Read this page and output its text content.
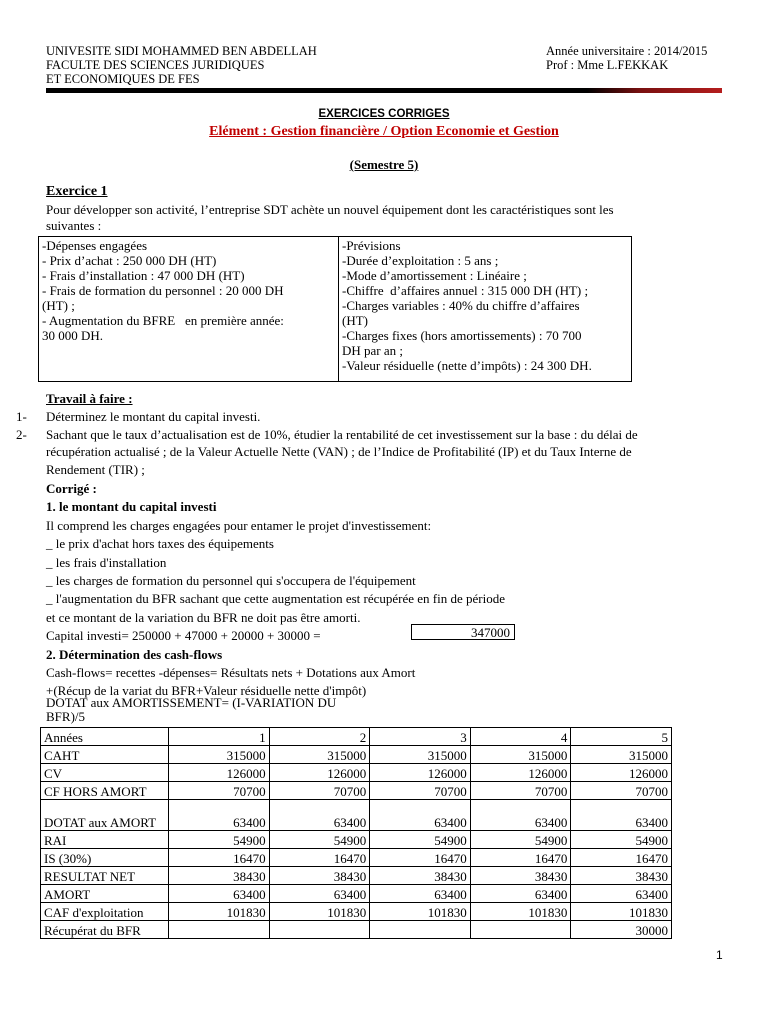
UNIVESITE SIDI MOHAMMED BEN ABDELLAH
FACULTE DES SCIENCES JURIDIQUES
ET ECONOMIQUES DE FES
Année universitaire : 2014/2015
Prof : Mme L.FEKKAK
EXERCICES CORRIGES
Elément : Gestion financière / Option Economie et Gestion
(Semestre 5)
Exercice 1
Pour développer son activité, l’entreprise SDT achète un nouvel équipement dont les caractéristiques sont les
suivantes :
-Dépenses engagées
- Prix d’achat : 250 000 DH (HT)
- Frais d’installation : 47 000 DH (HT)
- Frais de formation du personnel : 20 000 DH
(HT) ;
- Augmentation du BFRE   en première année:
30 000 DH.

-Prévisions
-Durée d’exploitation : 5 ans ;
-Mode d’amortissement : Linéaire ;
-Chiffre  d’affaires annuel : 315 000 DH (HT) ;
-Charges variables : 40% du chiffre d’affaires
(HT)
-Charges fixes (hors amortissements) : 70 700
DH par an ;
-Valeur résiduelle (nette d’impôts) : 24 300 DH.
Travail à faire :
1- Déterminez le montant du capital investi.
2- Sachant que le taux d’actualisation est de 10%, étudier la rentabilité de cet investissement sur la base : du délai de
récupération actualisé ; de la Valeur Actuelle Nette (VAN) ; de l’Indice de Profitabilité (IP) et du Taux Interne de
Rendement (TIR) ;
Corrigé :
1. le montant du capital investi
Il comprend les charges engagées pour entamer le projet d'investissement:
_ le prix d'achat hors taxes des équipements
_ les frais d'installation
_ les charges de formation du personnel qui s'occupera de l'équipement
_ l'augmentation du BFR sachant que cette augmentation est récupérée en fin de période
et ce montant de la variation du BFR ne doit pas être amorti.
Capital investi= 250000 + 47000 + 20000 + 30000 =
2. Détermination des cash-flows
Cash-flows= recettes -dépenses= Résultats nets + Dotations aux Amort
+(Récup de la variat du BFR+Valeur résiduelle nette d'impôt)
347000
DOTAT aux AMORTISSEMENT= (I-VARIATION DU
BFR)/5
Années	1	2	3	4	5
CAHT	315000	315000	315000	315000	315000
CV	126000	126000	126000	126000	126000
CF HORS AMORT	70700	70700	70700	70700	70700
DOTAT aux AMORT	63400	63400	63400	63400	63400
RAI	54900	54900	54900	54900	54900
IS (30%)	16470	16470	16470	16470	16470
RESULTAT NET	38430	38430	38430	38430	38430
AMORT	63400	63400	63400	63400	63400
CAF d'exploitation	101830	101830	101830	101830	101830
Récupérat du BFR					30000
1
